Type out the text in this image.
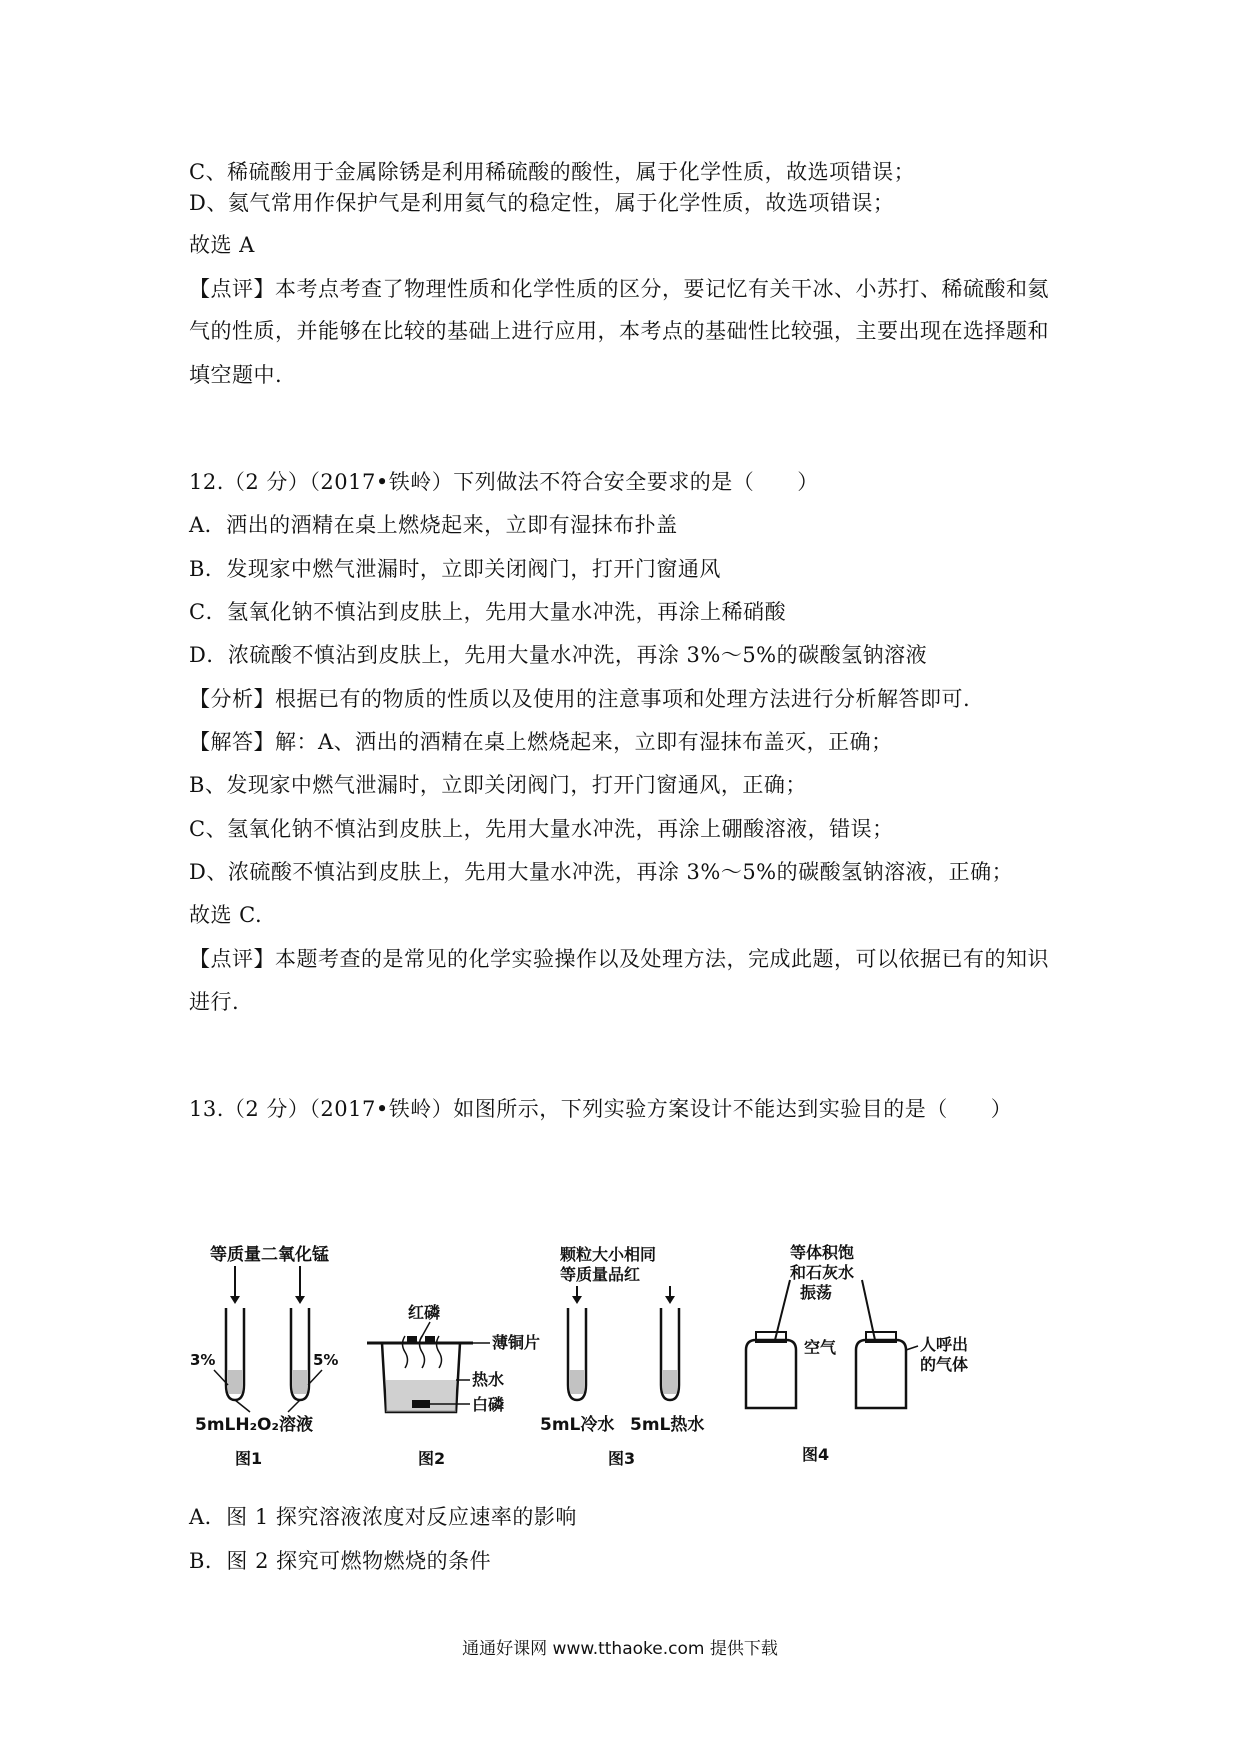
C、稀硫酸用于金属除锈是利用稀硫酸的酸性，属于化学性质，故选项错误；
D、氦气常用作保护气是利用氦气的稳定性，属于化学性质，故选项错误；
故选 A
【点评】本考点考查了物理性质和化学性质的区分，要记忆有关干冰、小苏打、稀硫酸和氦
气的性质，并能够在比较的基础上进行应用，本考点的基础性比较强，主要出现在选择题和
填空题中.
12.（2 分）（2017•铁岭）下列做法不符合安全要求的是（　　）
A．洒出的酒精在桌上燃烧起来，立即有湿抹布扑盖
B．发现家中燃气泄漏时，立即关闭阀门，打开门窗通风
C．氢氧化钠不慎沾到皮肤上，先用大量水冲洗，再涂上稀硝酸
D．浓硫酸不慎沾到皮肤上，先用大量水冲洗，再涂 3%～5%的碳酸氢钠溶液
【分析】根据已有的物质的性质以及使用的注意事项和处理方法进行分析解答即可.
【解答】解：A、洒出的酒精在桌上燃烧起来，立即有湿抹布盖灭，正确；
B、发现家中燃气泄漏时，立即关闭阀门，打开门窗通风，正确；
C、氢氧化钠不慎沾到皮肤上，先用大量水冲洗，再涂上硼酸溶液，错误；
D、浓硫酸不慎沾到皮肤上，先用大量水冲洗，再涂 3%～5%的碳酸氢钠溶液，正确；
故选 C.
【点评】本题考查的是常见的化学实验操作以及处理方法，完成此题，可以依据已有的知识
进行.
13.（2 分）（2017•铁岭）如图所示，下列实验方案设计不能达到实验目的是（　　）
等质量二氧化锰
3%	5%
5mLH₂O₂溶液
图1
红磷
薄铜片
热水
白磷
图2
颗粒大小相同
等质量品红
5mL冷水 5mL热水
图3
等体积饱
和石灰水
振荡
空气	人呼出
的气体
图4
A．图 1 探究溶液浓度对反应速率的影响
B．图 2 探究可燃物燃烧的条件
通通好课网 www.tthaoke.com 提供下载
